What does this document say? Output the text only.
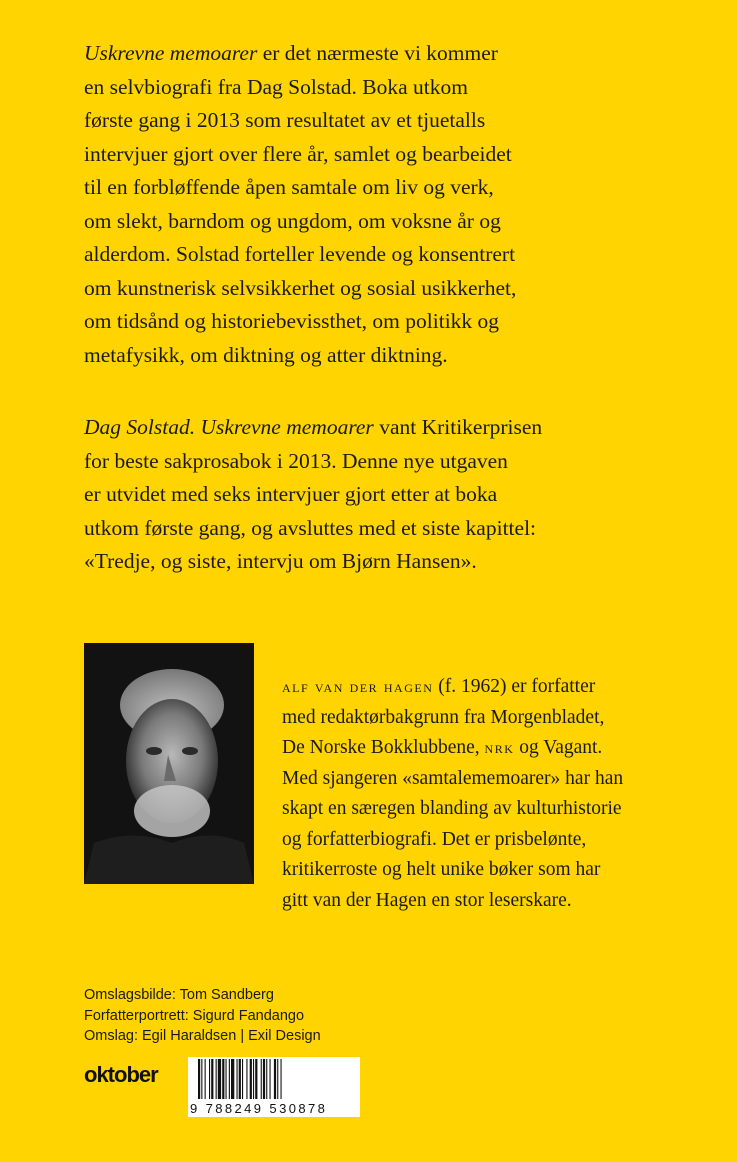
Uskrevne memoarer er det nærmeste vi kommer
en selvbiografi fra Dag Solstad. Boka utkom
første gang i 2013 som resultatet av et tjuetalls
intervjuer gjort over flere år, samlet og bearbeidet
til en forbløffende åpen samtale om liv og verk,
om slekt, barndom og ungdom, om voksne år og
alderdom. Solstad forteller levende og konsentrert
om kunstnerisk selvsikkerhet og sosial usikkerhet,
om tidsånd og historiebevissthet, om politikk og
metafysikk, om diktning og atter diktning.
Dag Solstad. Uskrevne memoarer vant Kritikerprisen
for beste sakprosabok i 2013. Denne nye utgaven
er utvidet med seks intervjuer gjort etter at boka
utkom første gang, og avsluttes med et siste kapittel:
«Tredje, og siste, intervju om Bjørn Hansen».
alf van der hagen (f. 1962) er forfatter
med redaktørbakgrunn fra Morgenbladet,
De Norske Bokklubbene, nrk og Vagant.
Med sjangeren «samtalememoarer» har han
skapt en særegen blanding av kulturhistorie
og forfatterbiografi. Det er prisbelønte,
kritikerroste og helt unike bøker som har
gitt van der Hagen en stor leserskare.
Omslagsbilde: Tom Sandberg
Forfatterportrett: Sigurd Fandango
Omslag: Egil Haraldsen | Exil Design
oktober
9 788249 530878
